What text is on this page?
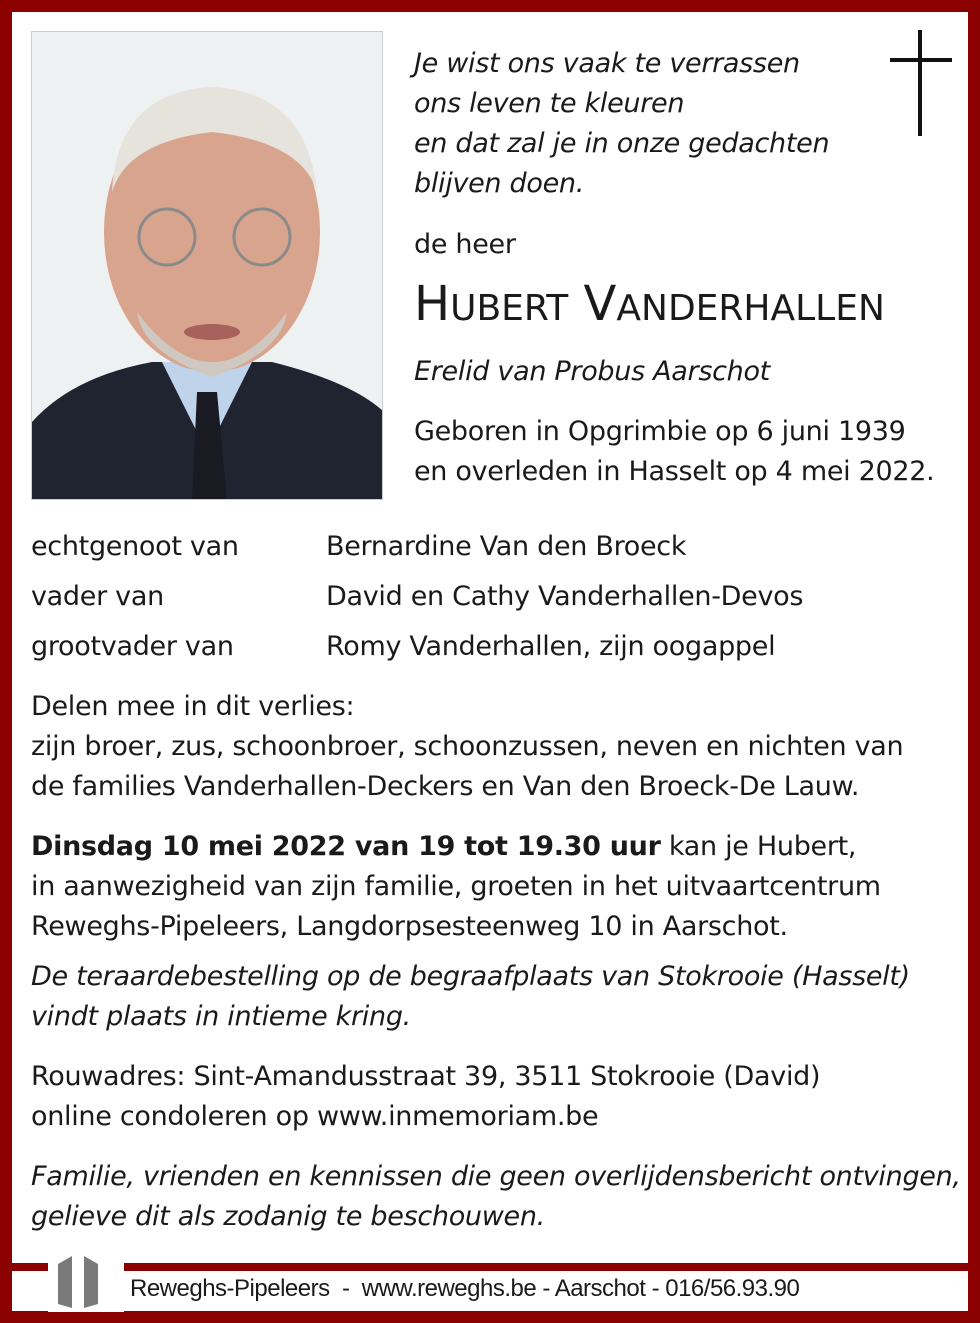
Je wist ons vaak te verrassen
ons leven te kleuren
en dat zal je in onze gedachten
blijven doen.
de heer
HUBERT VANDERHALLEN
Erelid van Probus Aarschot
Geboren in Opgrimbie op 6 juni 1939
en overleden in Hasselt op 4 mei 2022.
echtgenoot van	Bernardine Van den Broeck
vader van	David en Cathy Vanderhallen-Devos
grootvader van	Romy Vanderhallen, zijn oogappel
Delen mee in dit verlies:
zijn broer, zus, schoonbroer, schoonzussen, neven en nichten van
de families Vanderhallen-Deckers en Van den Broeck-De Lauw.
Dinsdag 10 mei 2022 van 19 tot 19.30 uur kan je Hubert,
in aanwezigheid van zijn familie, groeten in het uitvaartcentrum
Reweghs-Pipeleers, Langdorpsesteenweg 10 in Aarschot.
De teraardebestelling op de begraafplaats van Stokrooie (Hasselt)
vindt plaats in intieme kring.
Rouwadres: Sint-Amandusstraat 39, 3511 Stokrooie (David)
online condoleren op www.inmemoriam.be
Familie, vrienden en kennissen die geen overlijdensbericht ontvingen,
gelieve dit als zodanig te beschouwen.
Reweghs-Pipeleers  -  www.reweghs.be - Aarschot - 016/56.93.90
